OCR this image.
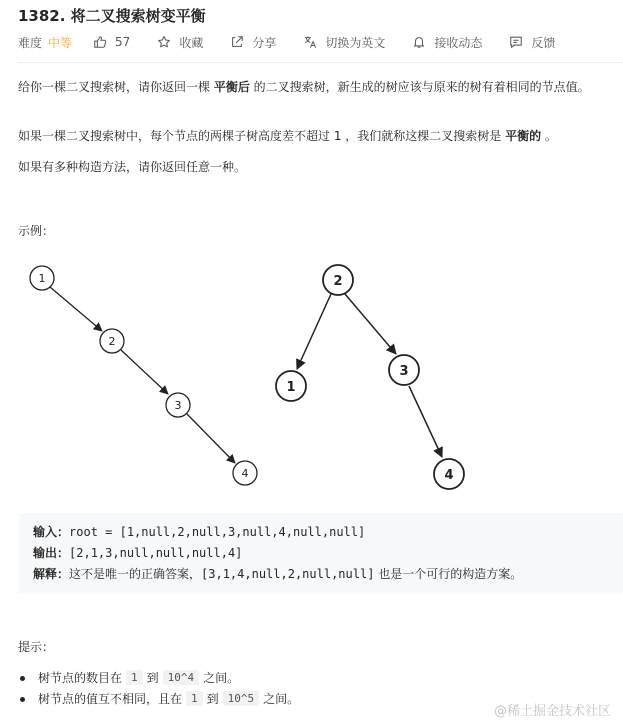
1382. 将二叉搜索树变平衡
难度 中等	57	收藏	分享	切换为英文	接收动态	反馈
给你一棵二叉搜索树，请你返回一棵 平衡后 的二叉搜索树，新生成的树应该与原来的树有着相同的节点值。
如果一棵二叉搜索树中，每个节点的两棵子树高度差不超过 1 ，我们就称这棵二叉搜索树是 平衡的 。
如果有多种构造方法，请你返回任意一种。
示例：
1
2
3
4
2
1
3
4
输入：root = [1,null,2,null,3,null,4,null,null]
输出：[2,1,3,null,null,null,4]
解释：这不是唯一的正确答案，[3,1,4,null,2,null,null] 也是一个可行的构造方案。
提示：
树节点的数目在 1 到 10^4 之间。
树节点的值互不相同，且在 1 到 10^5 之间。
@稀土掘金技术社区
